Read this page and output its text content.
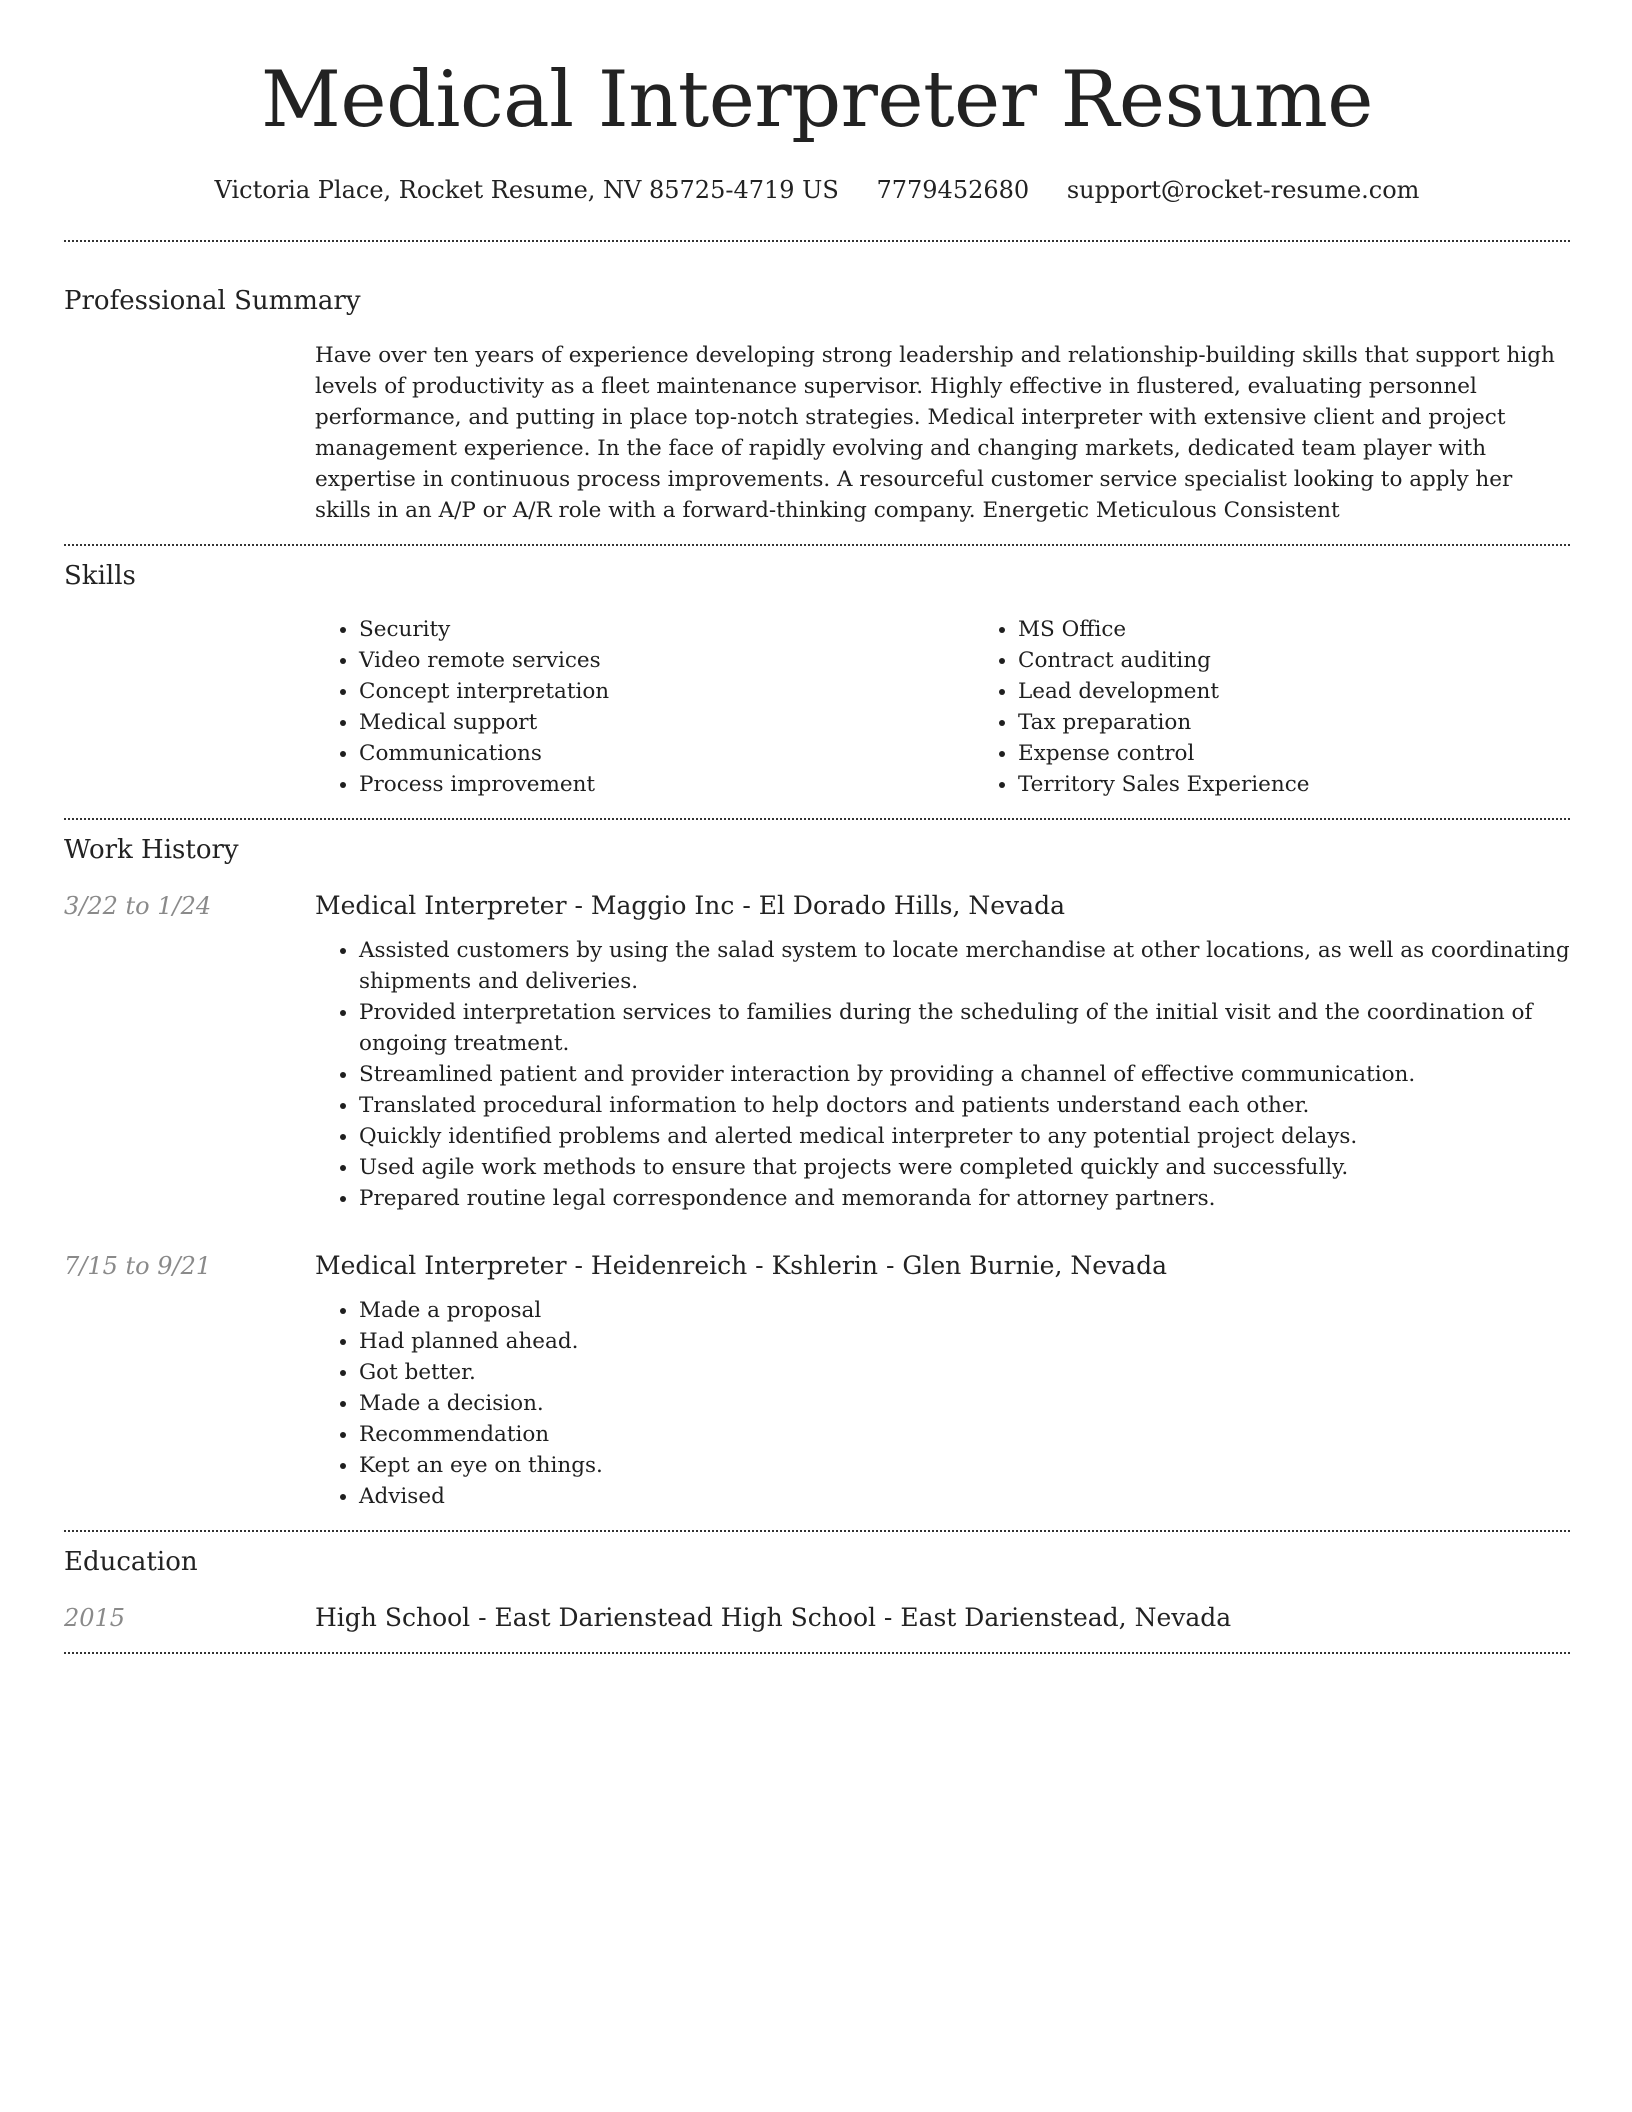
Medical Interpreter Resume
Victoria Place, Rocket Resume, NV 85725-4719 US 7779452680 support@rocket-resume.com
Professional Summary

Have over ten years of experience developing strong leadership and relationship-building skills that support high levels of productivity as a fleet maintenance supervisor. Highly effective in flustered, evaluating personnel performance, and putting in place top-notch strategies. Medical interpreter with extensive client and project management experience. In the face of rapidly evolving and changing markets, dedicated team player with expertise in continuous process improvements. A resourceful customer service specialist looking to apply her skills in an A/P or A/R role with a forward-thinking company. Energetic Meticulous Consistent

Skills
• Security
• Video remote services
• Concept interpretation
• Medical support
• Communications
• Process improvement
• MS Office
• Contract auditing
• Lead development
• Tax preparation
• Expense control
• Territory Sales Experience
Work History
3/22 to 1/24	Medical Interpreter - Maggio Inc - El Dorado Hills, Nevada
• Assisted customers by using the salad system to locate merchandise at other locations, as well as coordinating shipments and deliveries.
• Provided interpretation services to families during the scheduling of the initial visit and the coordination of ongoing treatment.
• Streamlined patient and provider interaction by providing a channel of effective communication.
• Translated procedural information to help doctors and patients understand each other.
• Quickly identified problems and alerted medical interpreter to any potential project delays.
• Used agile work methods to ensure that projects were completed quickly and successfully.
• Prepared routine legal correspondence and memoranda for attorney partners.
7/15 to 9/21	Medical Interpreter - Heidenreich - Kshlerin - Glen Burnie, Nevada
• Made a proposal
• Had planned ahead.
• Got better.
• Made a decision.
• Recommendation
• Kept an eye on things.
• Advised
Education
2015	High School - East Darienstead High School - East Darienstead, Nevada
